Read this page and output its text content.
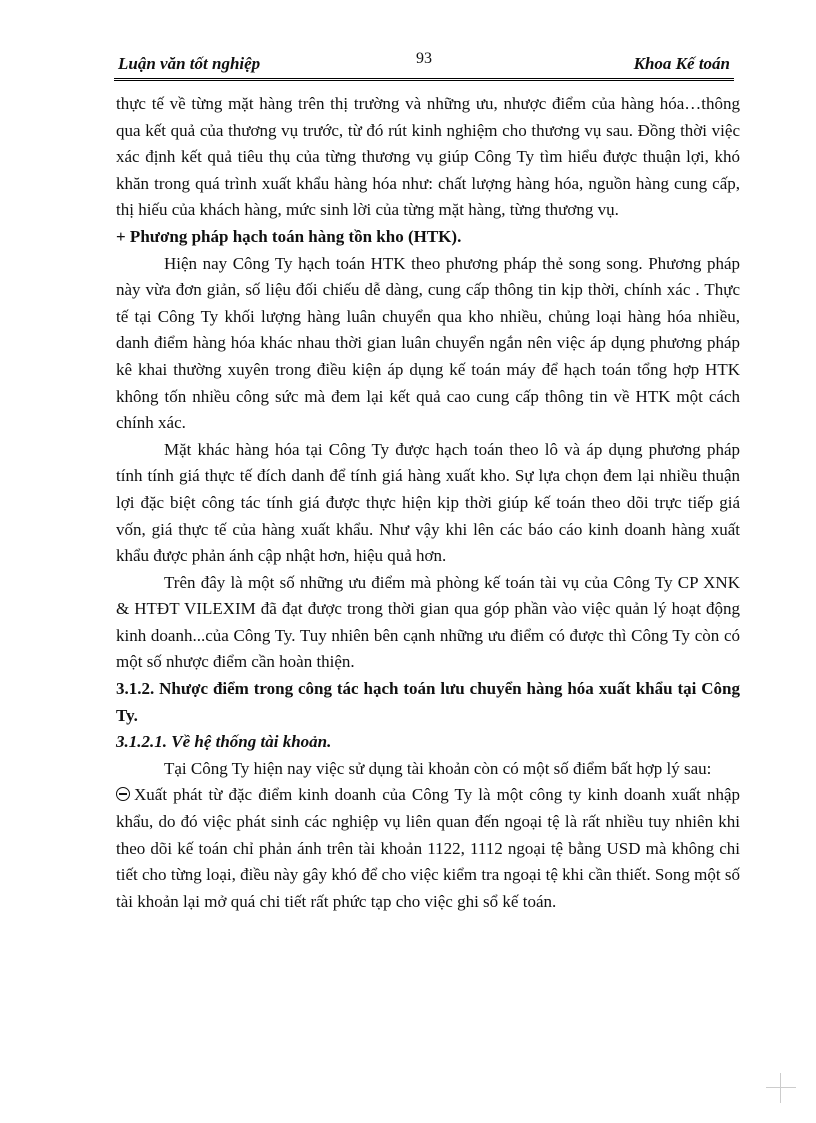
Luận văn tốt nghiệp	93	Khoa Kế toán

thực tế về từng mặt hàng trên thị trường và những ưu, nhược điểm của hàng hóa…thông qua kết quả của thương vụ trước, từ đó rút kinh nghiệm cho thương vụ sau. Đồng thời việc xác định kết quả tiêu thụ của từng thương vụ giúp Công Ty tìm hiểu được thuận lợi, khó khăn trong quá trình xuất khẩu hàng hóa như: chất lượng hàng hóa, nguồn hàng cung cấp, thị hiếu của khách hàng, mức sinh lời của từng mặt hàng, từng thương vụ.

+ Phương pháp hạch toán hàng tồn kho (HTK).

Hiện nay Công Ty hạch toán HTK theo phương pháp thẻ song song. Phương pháp này vừa đơn giản, số liệu đối chiếu dễ dàng, cung cấp thông tin kịp thời, chính xác . Thực tế tại Công Ty khối lượng hàng luân chuyển qua kho nhiều, chủng loại hàng hóa nhiều, danh điểm hàng hóa khác nhau thời gian luân chuyển ngắn nên việc áp dụng phương pháp kê khai thường xuyên trong điều kiện áp dụng kế toán máy để hạch toán tổng hợp HTK không tốn nhiều công sức mà đem lại kết quả cao cung cấp thông tin về HTK một cách chính xác.

Mặt khác hàng hóa tại Công Ty được hạch toán theo lô và áp dụng phương pháp tính tính giá thực tế đích danh để tính giá hàng xuất kho. Sự lựa chọn đem lại nhiều thuận lợi đặc biệt công tác tính giá được thực hiện kịp thời giúp kế toán theo dõi trực tiếp giá vốn, giá thực tế của hàng xuất khẩu. Như vậy khi lên các báo cáo kinh doanh hàng xuất khẩu được phản ánh cập nhật hơn, hiệu quả hơn.

Trên đây là một số những ưu điểm mà phòng kế toán tài vụ của Công Ty CP XNK & HTĐT VILEXIM đã đạt được trong thời gian qua góp phần vào việc quản lý hoạt động kinh doanh...của Công Ty. Tuy nhiên bên cạnh những ưu điểm có được thì Công Ty còn có một số nhược điểm cần hoàn thiện.

3.1.2. Nhược điểm trong công tác hạch toán lưu chuyển hàng hóa xuất khẩu tại Công Ty.

3.1.2.1. Về hệ thống tài khoản.

Tại Công Ty hiện nay việc sử dụng tài khoản còn có một số điểm bất hợp lý sau:

Xuất phát từ đặc điểm kinh doanh của Công Ty là một công ty kinh doanh xuất nhập khẩu, do đó việc phát sinh các nghiệp vụ liên quan đến ngoại tệ là rất nhiều tuy nhiên khi theo dõi kế toán chỉ phản ánh trên tài khoản 1122, 1112 ngoại tệ bằng USD mà không chi tiết cho từng loại, điều này gây khó để cho việc kiểm tra ngoại tệ khi cần thiết. Song một số tài khoản lại mở quá chi tiết rất phức tạp cho việc ghi sổ kế toán.
